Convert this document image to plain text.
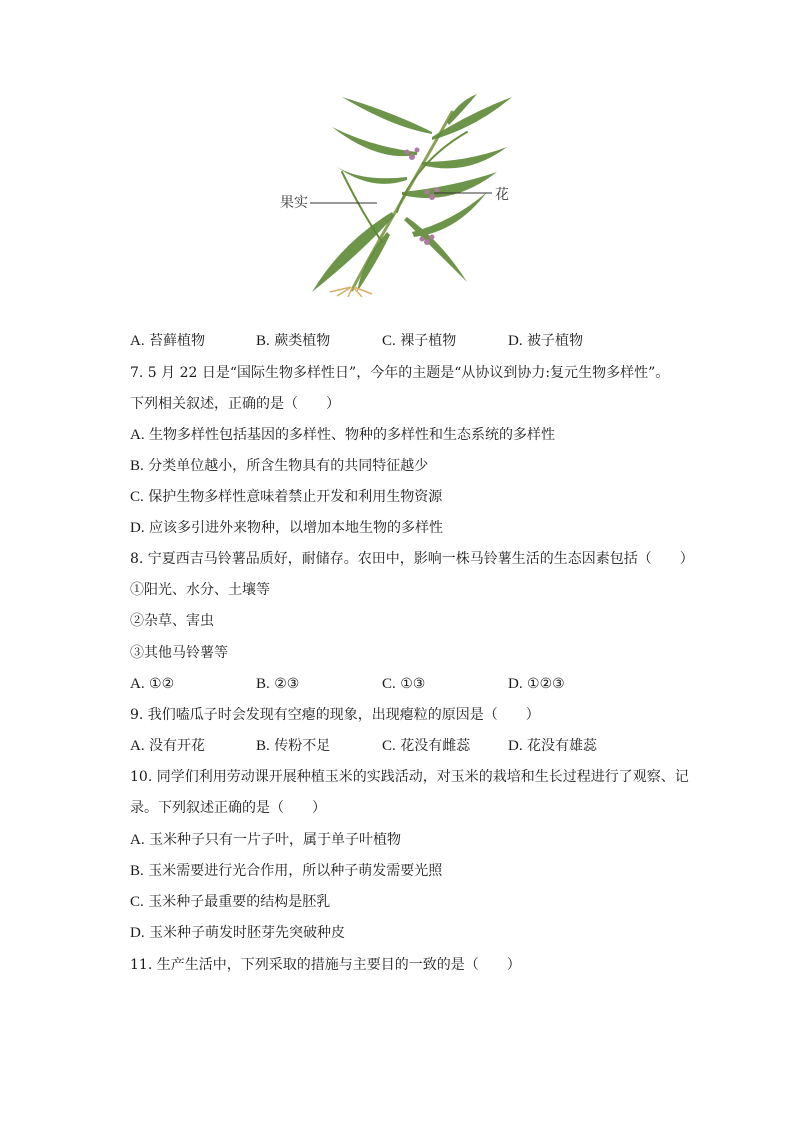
果实	花
A. 苔藓植物	B. 蕨类植物	C. 裸子植物	D. 被子植物
7. 5 月 22 日是“国际生物多样性日”，今年的主题是“从协议到协力:复元生物多样性”。
下列相关叙述，正确的是（　　）
A. 生物多样性包括基因的多样性、物种的多样性和生态系统的多样性
B. 分类单位越小，所含生物具有的共同特征越少
C. 保护生物多样性意味着禁止开发和利用生物资源
D. 应该多引进外来物种，以增加本地生物的多样性
8. 宁夏西吉马铃薯品质好，耐储存。农田中，影响一株马铃薯生活的生态因素包括（　　）
①阳光、水分、土壤等
②杂草、害虫
③其他马铃薯等
A. ①②	B. ②③	C. ①③	D. ①②③
9. 我们嗑瓜子时会发现有空瘪的现象，出现瘪粒的原因是（　　）
A. 没有开花	B. 传粉不足	C. 花没有雌蕊	D. 花没有雄蕊
10. 同学们利用劳动课开展种植玉米的实践活动，对玉米的栽培和生长过程进行了观察、记
录。下列叙述正确的是（　　）
A. 玉米种子只有一片子叶，属于单子叶植物
B. 玉米需要进行光合作用，所以种子萌发需要光照
C. 玉米种子最重要的结构是胚乳
D. 玉米种子萌发时胚芽先突破种皮
11. 生产生活中，下列采取的措施与主要目的一致的是（　　）
